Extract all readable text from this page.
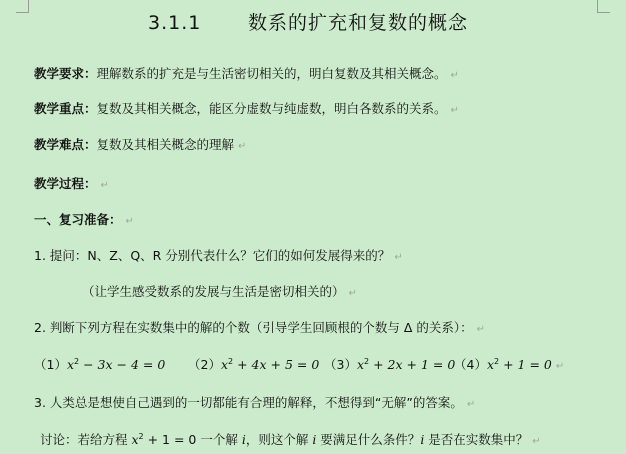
3.1.1 数系的扩充和复数的概念
教学要求：理解数系的扩充是与生活密切相关的，明白复数及其相关概念。 ↵
教学重点：复数及其相关概念，能区分虚数与纯虚数，明白各数系的关系。 ↵
教学难点：复数及其相关概念的理解 ↵
教学过程： ↵
一、复习准备： ↵
1. 提问：N、Z、Q、R 分别代表什么？它们的如何发展得来的？ ↵
（让学生感受数系的发展与生活是密切相关的） ↵
2. 判断下列方程在实数集中的解的个数（引导学生回顾根的个数与 Δ 的关系）： ↵
$(1)x^2 - 3x - 4 = 0$ $(2)x^2 + 4x + 5 = 0$ $(3)x^2 + 2x + 1 = 0$
$(4)x^2 + 1 = 0$ ↵
3. 人类总是想使自己遇到的一切都能有合理的解释，不想得到“无解”的答案。 ↵
讨论：若给方程 $x^2 + 1 = 0$ 一个解 i，则这个解 i 要满足什么条件？i 是否在实数集中？ ↵
